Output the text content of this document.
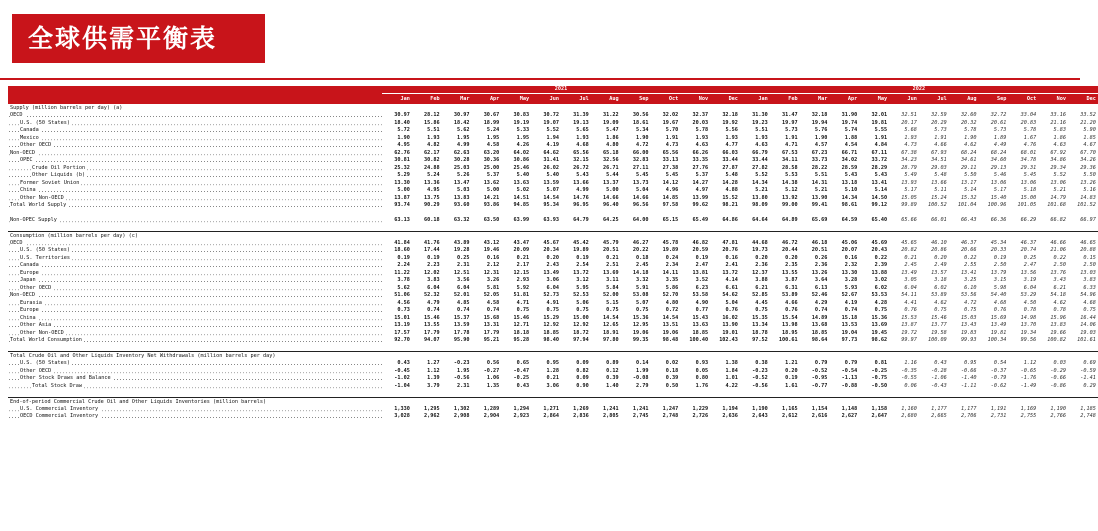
全球供需平衡表
	2021												2022											
	Jan	Feb	Mar	Apr	May	Jun	Jul	Aug	Sep	Oct	Nov	Dec	Jan	Feb	Mar	Apr	May	Jun	Jul	Aug	Sep	Oct	Nov	Dec
Supply (million barrels per day) (a)																								
OECD	30.97	28.12	30.97	30.67	30.83	30.72	31.39	31.22	30.56	32.02	32.37	32.18	31.30	31.47	32.18	31.90	32.01	32.51	32.59	32.60	32.72	33.04	33.16	33.52
U.S. (50 States)	18.40	15.86	18.42	18.99	19.19	19.07	19.13	19.09	18.61	19.67	20.03	19.92	19.23	19.97	19.94	19.74	19.81	20.17	20.29	20.32	20.61	20.83	21.16	21.20
Canada	5.72	5.51	5.62	5.24	5.33	5.52	5.65	5.47	5.34	5.70	5.78	5.56	5.51	5.73	5.76	5.74	5.55	5.68	5.73	5.78	5.73	5.78	5.83	5.90
Mexico	1.90	1.93	1.95	1.95	1.95	1.94	1.93	1.86	1.90	1.91	1.93	1.93	1.93	1.91	1.90	1.88	1.91	1.93	1.91	1.90	1.89	1.67	1.86	1.85
Other OECD	4.95	4.82	4.99	4.58	4.26	4.19	4.68	4.80	4.72	4.73	4.63	4.77	4.63	4.71	4.57	4.54	4.84	4.73	4.66	4.62	4.49	4.76	4.63	4.67
Non-OECD	62.76	62.17	62.63	63.20	64.02	64.62	65.56	65.18	66.00	65.56	66.26	66.03	66.79	67.53	67.23	66.71	67.11	67.38	67.93	68.24	68.24	68.01	67.92	67.70
OPEC	30.81	30.82	30.28	30.36	30.86	31.41	32.15	32.56	32.83	33.13	33.35	33.44	33.44	34.11	33.73	34.02	33.72	34.23	34.51	34.61	34.60	34.78	34.86	34.26
Crude Oil Portion	25.32	24.88	25.03	25.00	25.46	26.02	26.72	26.71	27.11	27.38	27.76	27.87	27.82	28.58	28.22	28.59	28.29	28.79	29.03	29.11	29.13	29.31	29.34	29.36
Other Liquids (b)	5.29	5.24	5.26	5.37	5.40	5.40	5.43	5.44	5.45	5.45	5.37	5.48	5.52	5.53	5.51	5.43	5.43	5.49	5.48	5.50	5.46	5.45	5.52	5.50
Former Soviet Union	13.30	13.36	13.47	13.62	13.63	13.59	13.66	13.37	13.73	14.12	14.27	14.28	14.34	14.38	14.31	13.18	13.41	13.93	13.66	13.17	13.06	13.06	13.06	13.26
China	5.00	4.95	5.03	5.00	5.02	5.07	4.99	5.00	5.04	4.96	4.97	4.88	5.21	5.12	5.21	5.10	5.14	5.17	5.11	5.14	5.17	5.18	5.21	5.16
Other Non-OECD	13.87	13.75	13.83	14.21	14.51	14.54	14.76	14.66	14.66	14.85	13.99	15.52	13.80	13.92	13.90	14.34	14.50	15.05	15.24	15.32	15.40	15.00	14.79	14.83
Total World Supply	93.74	90.29	93.60	93.86	94.85	95.34	96.95	96.40	96.56	97.58	99.62	98.21	98.09	99.00	99.41	98.61	99.12	99.89	100.52	101.04	100.96	101.05	101.68	101.52

Non-OPEC Supply	63.13	60.18	63.32	63.50	63.99	63.93	64.79	64.25	64.00	65.15	65.49	64.86	64.64	64.89	65.69	64.59	65.40	65.66	66.01	66.43	66.36	66.29	66.82	66.97

Consumption (million barrels per day) (c)																								
OECD	41.84	41.76	43.89	43.12	43.47	45.67	45.42	45.79	46.27	45.78	46.82	47.81	44.68	46.72	46.18	45.06	45.69	45.65	46.10	46.37	45.34	46.37	46.66	46.65
U.S. (50 States)	18.60	17.44	19.28	19.46	20.09	20.34	19.89	20.51	20.22	19.89	20.59	20.76	19.73	20.44	20.51	20.07	20.43	20.82	20.86	20.66	20.33	20.74	21.06	20.88
U.S. Territories	0.19	0.19	0.25	0.16	0.21	0.20	0.19	0.21	0.18	0.24	0.19	0.16	0.20	0.20	0.26	0.16	0.22	0.21	0.20	0.22	0.19	0.25	0.22	0.15
Canada	2.24	2.23	2.31	2.12	2.17	2.43	2.54	2.51	2.45	2.34	2.47	2.41	2.36	2.35	2.36	2.32	2.39	2.45	2.49	2.55	2.50	2.47	2.50	2.50
Europe	11.22	12.02	12.51	12.31	12.15	13.49	13.72	13.69	14.18	14.11	13.81	13.72	12.37	13.55	13.26	13.30	13.88	13.49	13.57	13.41	13.79	13.56	13.76	13.03
Japan	3.78	3.83	3.56	3.26	2.93	3.06	3.12	3.11	3.32	3.35	3.52	4.14	3.88	3.87	3.64	3.28	3.02	3.05	3.18	3.25	3.15	3.19	3.43	3.83
Other OECD	5.62	6.04	6.04	5.81	5.92	6.04	5.95	5.84	5.91	5.86	6.23	6.61	6.21	6.31	6.13	5.93	6.02	6.04	6.02	6.10	5.98	6.04	6.21	6.33
Non-OECD	51.06	52.32	52.01	52.05	51.81	52.73	52.53	52.00	53.08	52.70	53.58	54.62	52.85	53.89	52.46	52.67	53.53	54.11	53.89	53.56	54.40	53.29	54.18	54.96
Eurasia	4.56	4.79	4.85	4.58	4.71	4.91	5.06	5.15	5.07	4.80	4.90	5.04	4.45	4.66	4.29	4.19	4.28	4.41	4.62	4.72	4.68	4.50	4.62	4.68
Europe	0.73	0.74	0.74	0.74	0.75	0.75	0.75	0.75	0.75	0.72	0.77	0.76	0.75	0.76	0.74	0.74	0.75	0.76	0.75	0.75	0.76	0.78	0.78	0.75
China	15.01	15.46	15.37	15.68	15.46	15.29	15.00	14.54	15.36	14.54	15.43	16.02	15.35	15.54	14.89	15.18	15.36	15.53	15.46	15.03	15.69	14.98	15.96	16.44
Other Asia	13.19	13.55	13.59	13.31	12.71	12.92	12.92	12.65	12.95	13.51	13.63	13.90	13.34	13.98	13.68	13.53	13.69	13.87	13.77	13.43	13.49	13.70	13.83	14.06
Other Non-OECD	17.57	17.79	17.78	17.79	18.18	18.85	18.72	18.91	19.06	19.06	18.85	19.01	18.78	18.95	18.85	19.04	19.45	19.72	19.58	19.83	19.81	19.34	19.66	19.03
Total World Consumption	92.70	94.07	95.90	95.21	95.28	98.40	97.94	97.80	99.35	98.48	100.40	102.43	97.52	100.61	98.64	97.73	98.62	99.97	100.09	99.93	100.34	99.56	100.82	101.61

Total Crude Oil and Other Liquids Inventory Net Withdrawals (million barrels per day)																								
U.S. (50 States)	0.43	1.27	-0.23	0.56	0.65	0.95	0.09	0.89	0.14	0.02	0.93	1.38	0.38	1.21	0.79	0.79	0.81	1.16	0.43	0.95	0.54	1.12	0.03	0.69
Other OECD	-0.45	1.12	1.95	-0.27	-0.47	1.28	0.82	0.12	1.99	0.18	0.05	1.84	-0.23	0.20	-0.52	-0.54	-0.25	-0.35	-0.28	-0.66	-0.37	-0.65	-0.29	-0.59
Other Stock Draws and Balance	-1.02	1.39	-0.56	1.06	-0.25	0.21	0.09	0.39	-0.08	0.39	0.80	1.01	-0.52	0.19	-0.95	-1.13	-0.75	-0.55	-1.06	-1.40	-0.79	-1.76	-0.66	-1.41
Total Stock Draw	-1.04	3.79	2.31	1.35	0.43	3.06	0.90	1.40	2.79	0.50	1.76	4.22	-0.56	1.61	-0.77	-0.88	-0.50	0.06	-0.43	-1.11	-0.62	-1.49	-0.86	0.29

End-of-period Commercial Crude Oil and Other Liquids Inventories (million barrels)																								
U.S. Commercial Inventory	1,330	1,295	1,302	1,289	1,294	1,271	1,269	1,241	1,241	1,247	1,229	1,194	1,190	1,165	1,154	1,148	1,158	1,160	1,177	1,177	1,191	1,169	1,190	1,185
OECD Commercial Inventory	3,028	2,962	2,908	2,904	2,923	2,864	2,836	2,805	2,745	2,748	2,726	2,636	2,643	2,612	2,616	2,627	2,647	2,680	2,665	2,706	2,731	2,755	2,766	2,748
